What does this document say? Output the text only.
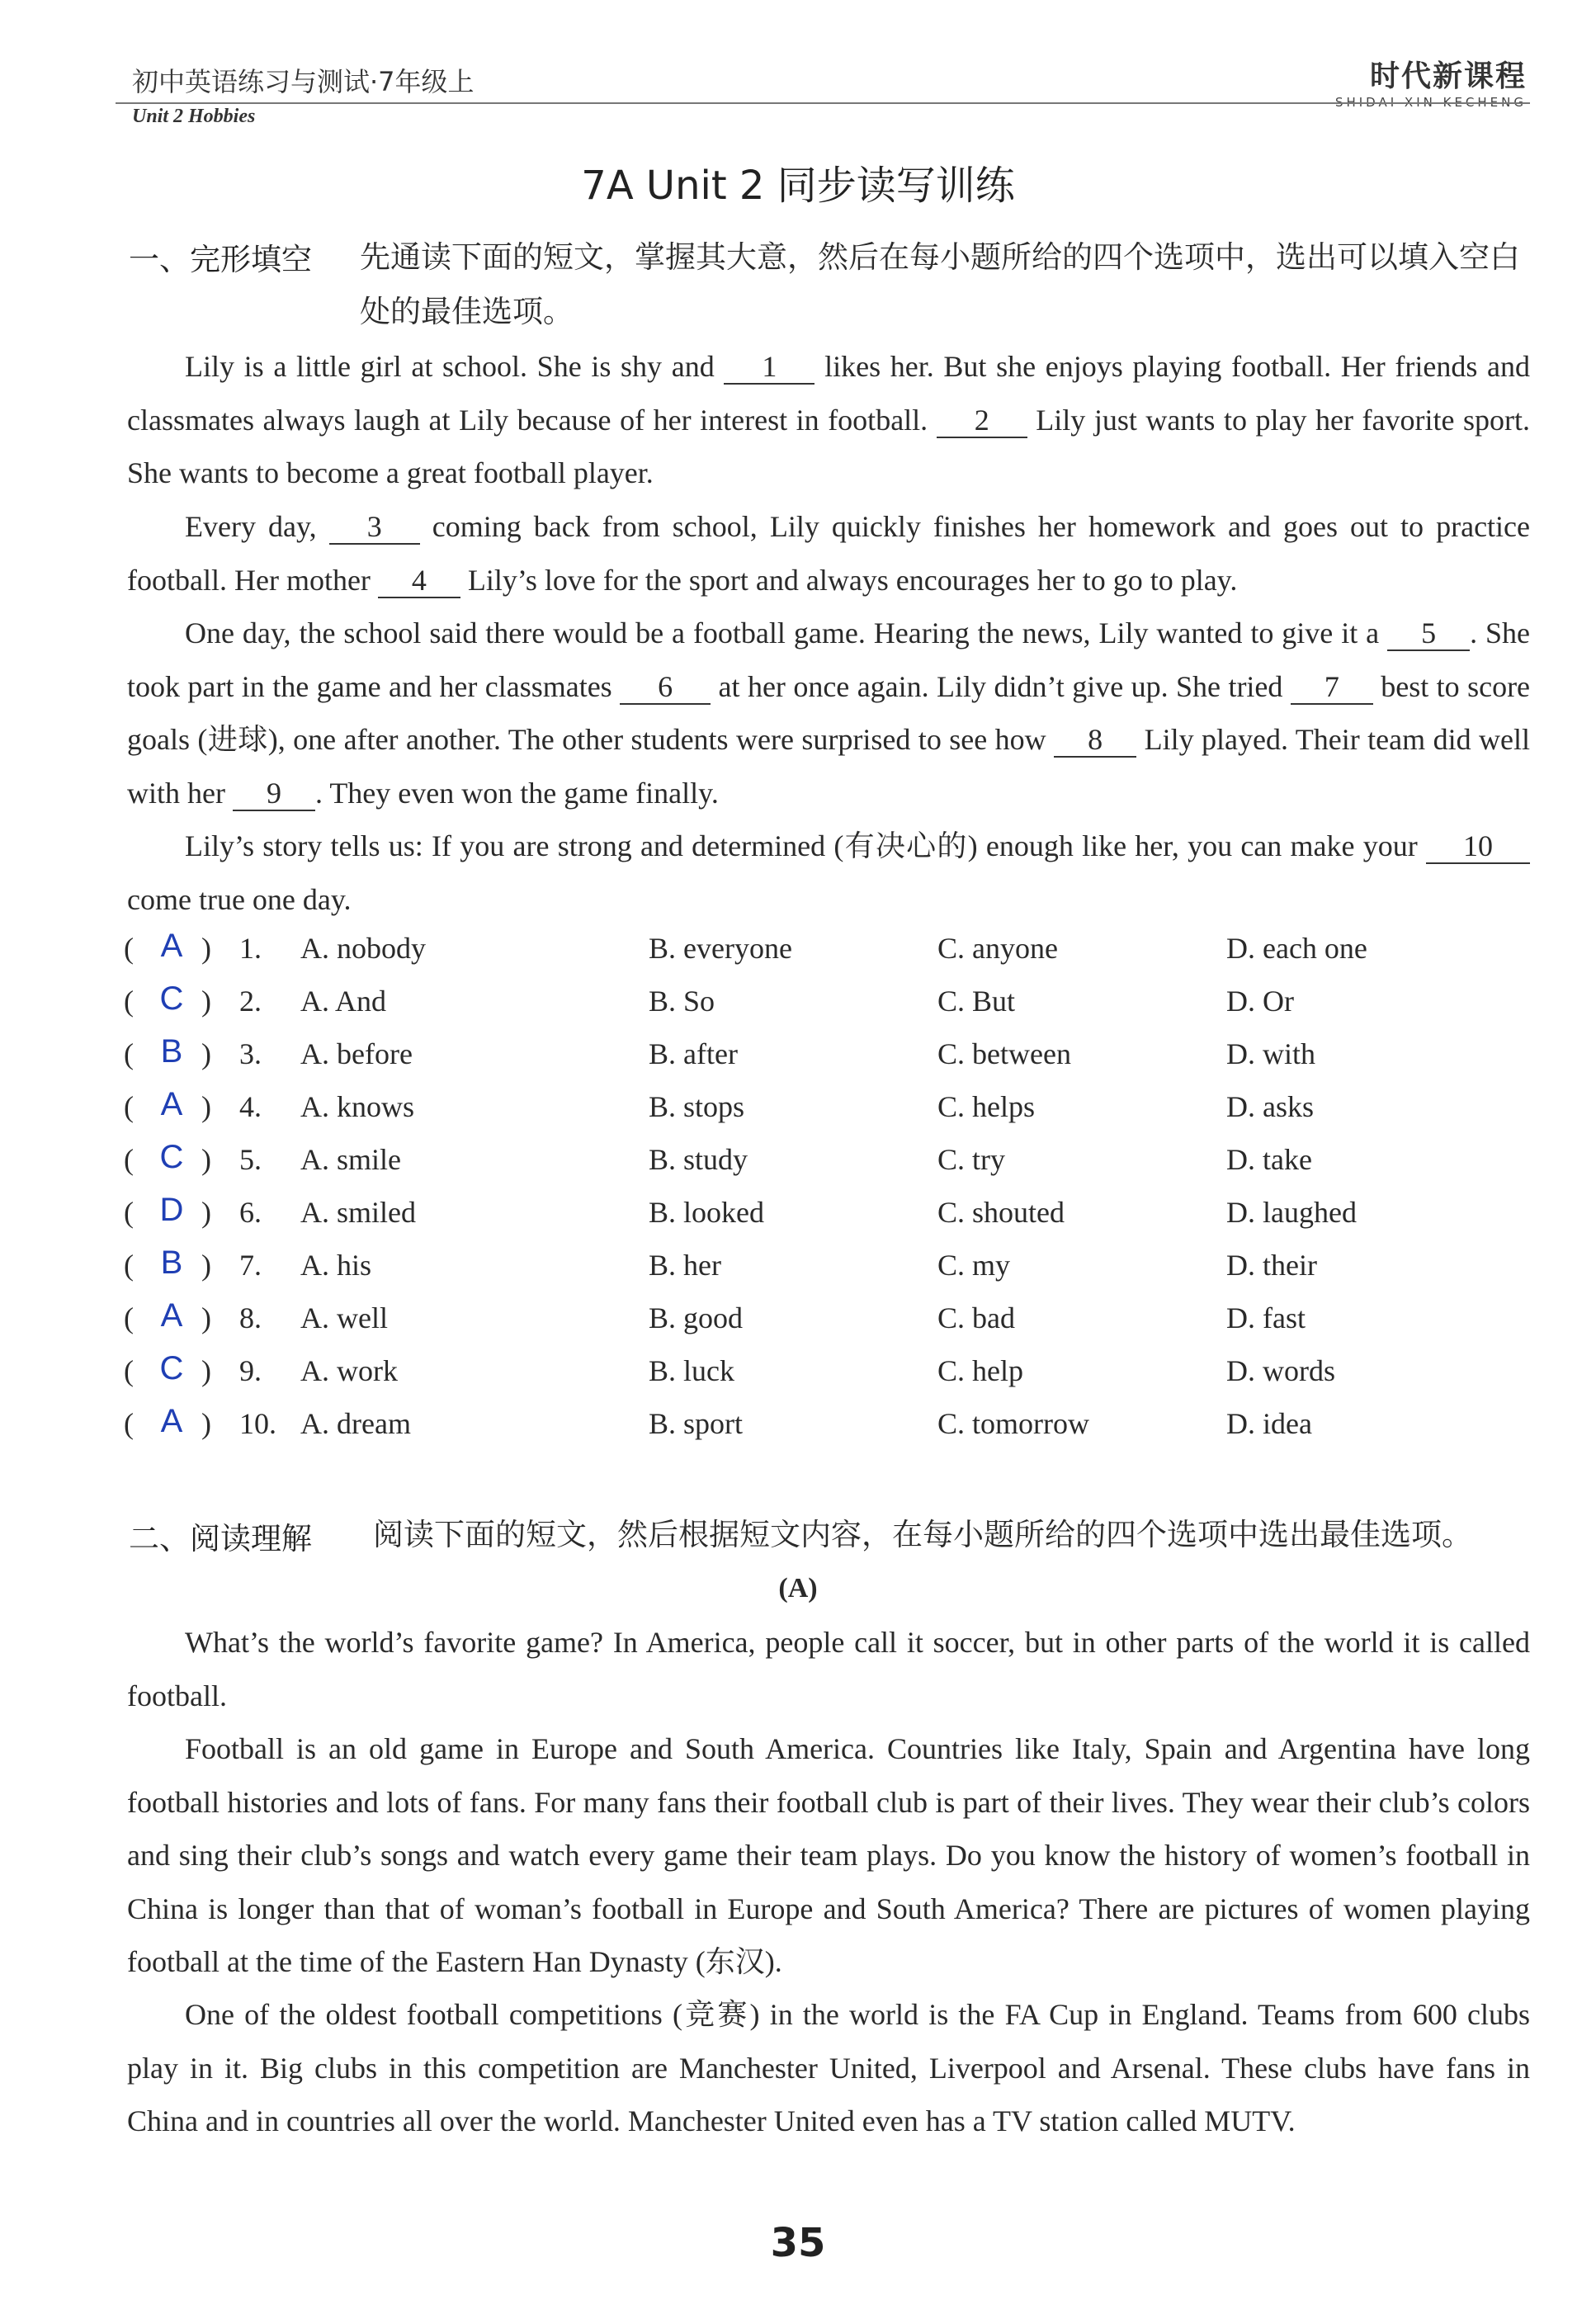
初中英语练习与测试·7年级上
Unit 2 Hobbies
时代新课程
SHIDAI XIN KECHENG
7A Unit 2 同步读写训练
一、完形填空 先通读下面的短文，掌握其大意，然后在每小题所给的四个选项中，选出可以填入空白处的最佳选项。

Lily is a little girl at school. She is shy and 1 likes her. But she enjoys playing football. Her friends and classmates always laugh at Lily because of her interest in football. 2 Lily just wants to play her favorite sport. She wants to become a great football player.

Every day, 3 coming back from school, Lily quickly finishes her homework and goes out to practice football. Her mother 4 Lily’s love for the sport and always encourages her to go to play.

One day, the school said there would be a football game. Hearing the news, Lily wanted to give it a 5 . She took part in the game and her classmates 6 at her once again. Lily didn’t give up. She tried 7 best to score goals (进球), one after another. The other students were surprised to see how 8 Lily played. Their team did well with her 9 . They even won the game finally.

Lily’s story tells us: If you are strong and determined (有决心的) enough like her, you can make your 10 come true one day.

( A ) 1. A. nobody	B. everyone	C. anyone	D. each one
( C ) 2. A. And	B. So	C. But	D. Or
( B ) 3. A. before	B. after	C. between	D. with
( A ) 4. A. knows	B. stops	C. helps	D. asks
( C ) 5. A. smile	B. study	C. try	D. take
( D ) 6. A. smiled	B. looked	C. shouted	D. laughed
( B ) 7. A. his	B. her	C. my	D. their
( A ) 8. A. well	B. good	C. bad	D. fast
( C ) 9. A. work	B. luck	C. help	D. words
( A ) 10. A. dream	B. sport	C. tomorrow	D. idea
二、阅读理解 阅读下面的短文，然后根据短文内容，在每小题所给的四个选项中选出最佳选项。
(A)

What’s the world’s favorite game? In America, people call it soccer, but in other parts of the world it is called football.

Football is an old game in Europe and South America. Countries like Italy, Spain and Argentina have long football histories and lots of fans. For many fans their football club is part of their lives. They wear their club’s colors and sing their club’s songs and watch every game their team plays. Do you know the history of women’s football in China is longer than that of woman’s football in Europe and South America? There are pictures of women playing football at the time of the Eastern Han Dynasty (东汉).

One of the oldest football competitions (竞赛) in the world is the FA Cup in England. Teams from 600 clubs play in it. Big clubs in this competition are Manchester United, Liverpool and Arsenal. These clubs have fans in China and in countries all over the world. Manchester United even has a TV station called MUTV.

35
